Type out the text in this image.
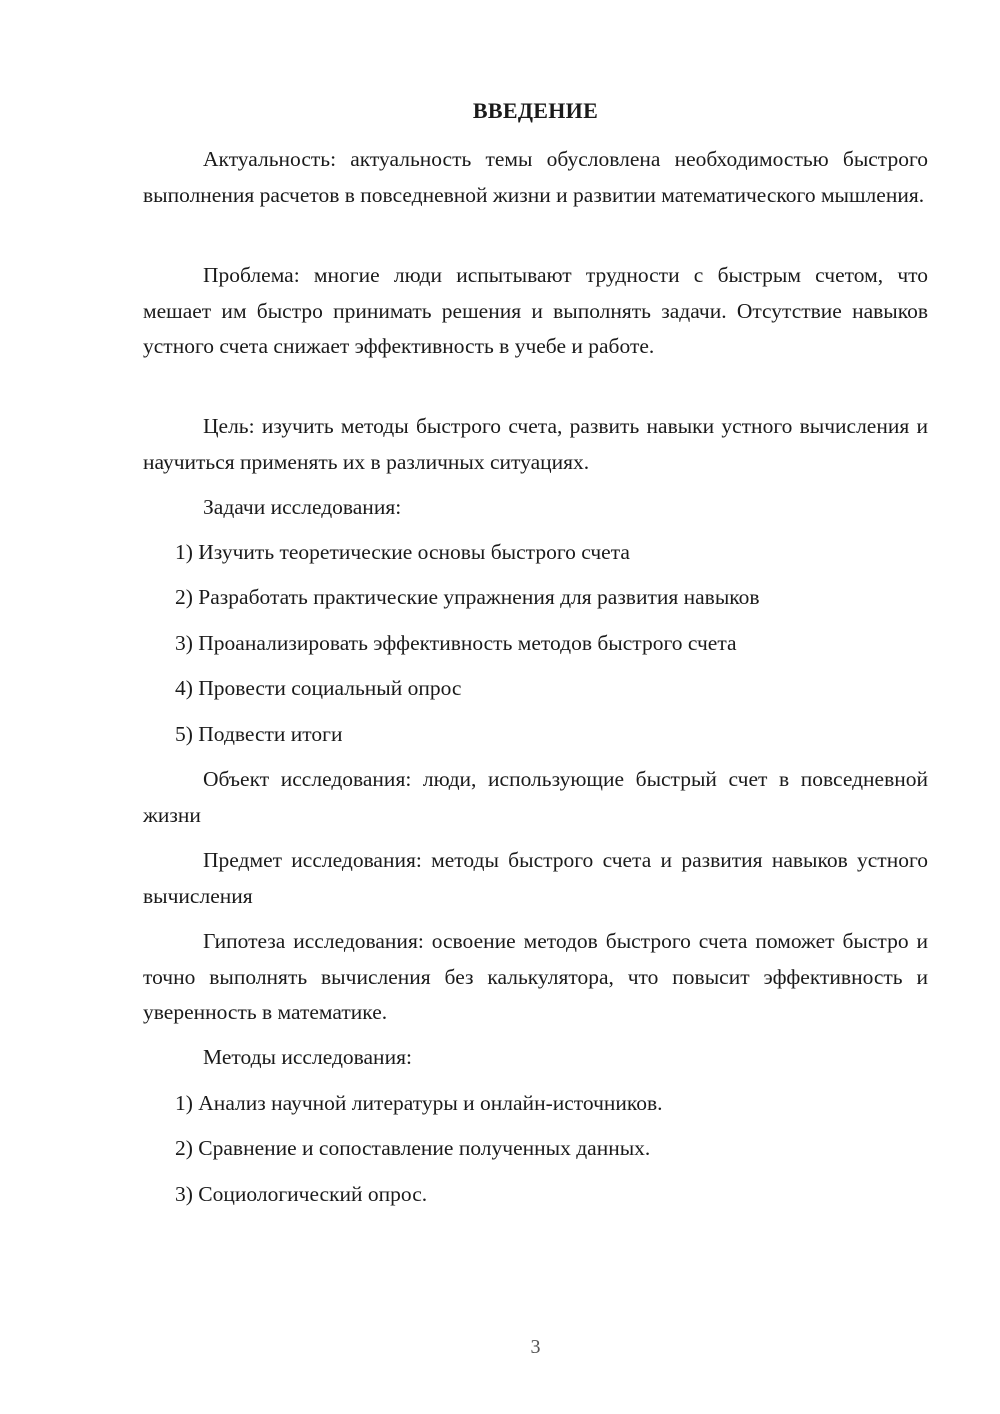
ВВЕДЕНИЕ

Актуальность: актуальность темы обусловлена необходимостью быстрого выполнения расчетов в повседневной жизни и развитии математического мышления.

Проблема: многие люди испытывают трудности с быстрым счетом, что мешает им быстро принимать решения и выполнять задачи. Отсутствие навыков устного счета снижает эффективность в учебе и работе.

Цель: изучить методы быстрого счета, развить навыки устного вычисления и научиться применять их в различных ситуациях.

Задачи исследования:

1) Изучить теоретические основы быстрого счета

2) Разработать практические упражнения для развития навыков

3) Проанализировать эффективность методов быстрого счета

4) Провести социальный опрос

5) Подвести итоги

Объект исследования: люди, использующие быстрый счет в повседневной жизни

Предмет исследования: методы быстрого счета и развития навыков устного вычисления

Гипотеза исследования: освоение методов быстрого счета поможет быстро и точно выполнять вычисления без калькулятора, что повысит эффективность и уверенность в математике.

Методы исследования:

1) Анализ научной литературы и онлайн-источников.

2) Сравнение и сопоставление полученных данных.

3) Социологический опрос.

3
